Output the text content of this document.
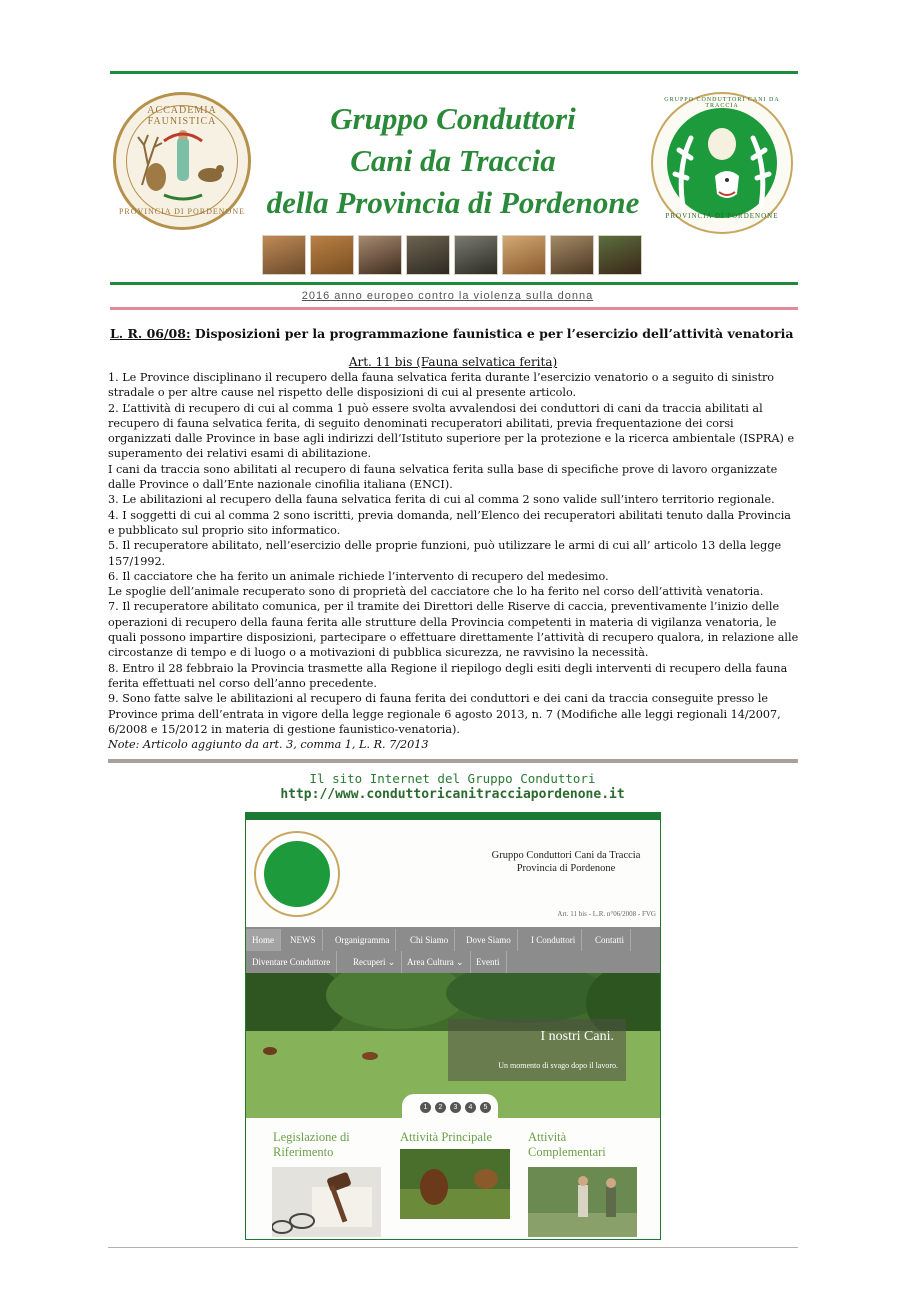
ACCADEMIA FAUNISTICA
PROVINCIA DI PORDENONE
Gruppo Conduttori
Cani da Traccia
della Provincia di Pordenone
GRUPPO CONDUTTORI CANI DA TRACCIA
PROVINCIA DI PORDENONE
2016 anno europeo contro la violenza sulla donna
L. R. 06/08: Disposizioni per la programmazione faunistica e per l’esercizio dell’attività venatoria
Art. 11 bis (Fauna selvatica ferita)

1. Le Province disciplinano il recupero della fauna selvatica ferita durante l’esercizio venatorio o a seguito di sinistro stradale o per altre cause nel rispetto delle disposizioni di cui al presente articolo.

2. L’attività di recupero di cui al comma 1 può essere svolta avvalendosi dei conduttori di cani da traccia abilitati al recupero di fauna selvatica ferita, di seguito denominati recuperatori abilitati, previa frequentazione dei corsi organizzati dalle Province in base agli indirizzi dell’Istituto superiore per la protezione e la ricerca ambientale (ISPRA) e superamento dei relativi esami di abilitazione.

I cani da traccia sono abilitati al recupero di fauna selvatica ferita sulla base di specifiche prove di lavoro organizzate dalle Province o dall’Ente nazionale cinofilia italiana (ENCI).

3. Le abilitazioni al recupero della fauna selvatica ferita di cui al comma 2 sono valide sull’intero territorio regionale.

4. I soggetti di cui al comma 2 sono iscritti, previa domanda, nell’Elenco dei recuperatori abilitati tenuto dalla Provincia e pubblicato sul proprio sito informatico.

5. Il recuperatore abilitato, nell’esercizio delle proprie funzioni, può utilizzare le armi di cui all’ articolo 13 della legge 157/1992.

6. Il cacciatore che ha ferito un animale richiede l’intervento di recupero del medesimo.

Le spoglie dell’animale recuperato sono di proprietà del cacciatore che lo ha ferito nel corso dell’attività venatoria.

7. Il recuperatore abilitato comunica, per il tramite dei Direttori delle Riserve di caccia, preventivamente l’inizio delle operazioni di recupero della fauna ferita alle strutture della Provincia competenti in materia di vigilanza venatoria, le quali possono impartire disposizioni, partecipare o effettuare direttamente l’attività di recupero qualora, in relazione alle circostanze di tempo e di luogo o a motivazioni di pubblica sicurezza, ne ravvisino la necessità.

8. Entro il 28 febbraio la Provincia trasmette alla Regione il riepilogo degli esiti degli interventi di recupero della fauna ferita effettuati nel corso dell’anno precedente.

9. Sono fatte salve le abilitazioni al recupero di fauna ferita dei conduttori e dei cani da traccia conseguite presso le Province prima dell’entrata in vigore della legge regionale 6 agosto 2013, n. 7 (Modifiche alle leggi regionali 14/2007, 6/2008 e 15/2012 in materia di gestione faunistico-venatoria).

Note: Articolo aggiunto da art. 3, comma 1, L. R. 7/2013

Il sito Internet del Gruppo Conduttori
http://www.conduttoricanitracciapordenone.it
Gruppo Conduttori Cani da Traccia
Provincia di Pordenone
Art. 11 bis - L.R. n°06/2008 - FVG
Home	NEWS	Organigramma	Chi Siamo	Dove Siamo	I Conduttori	Contatti
Diventare Conduttore	Recuperi ⌄	Area Cultura ⌄	Eventi
I nostri Cani.
Un momento di svago dopo il lavoro.
1	2	3	4	5
Legislazione di Riferimento
Attività Principale	Attività Complementari
